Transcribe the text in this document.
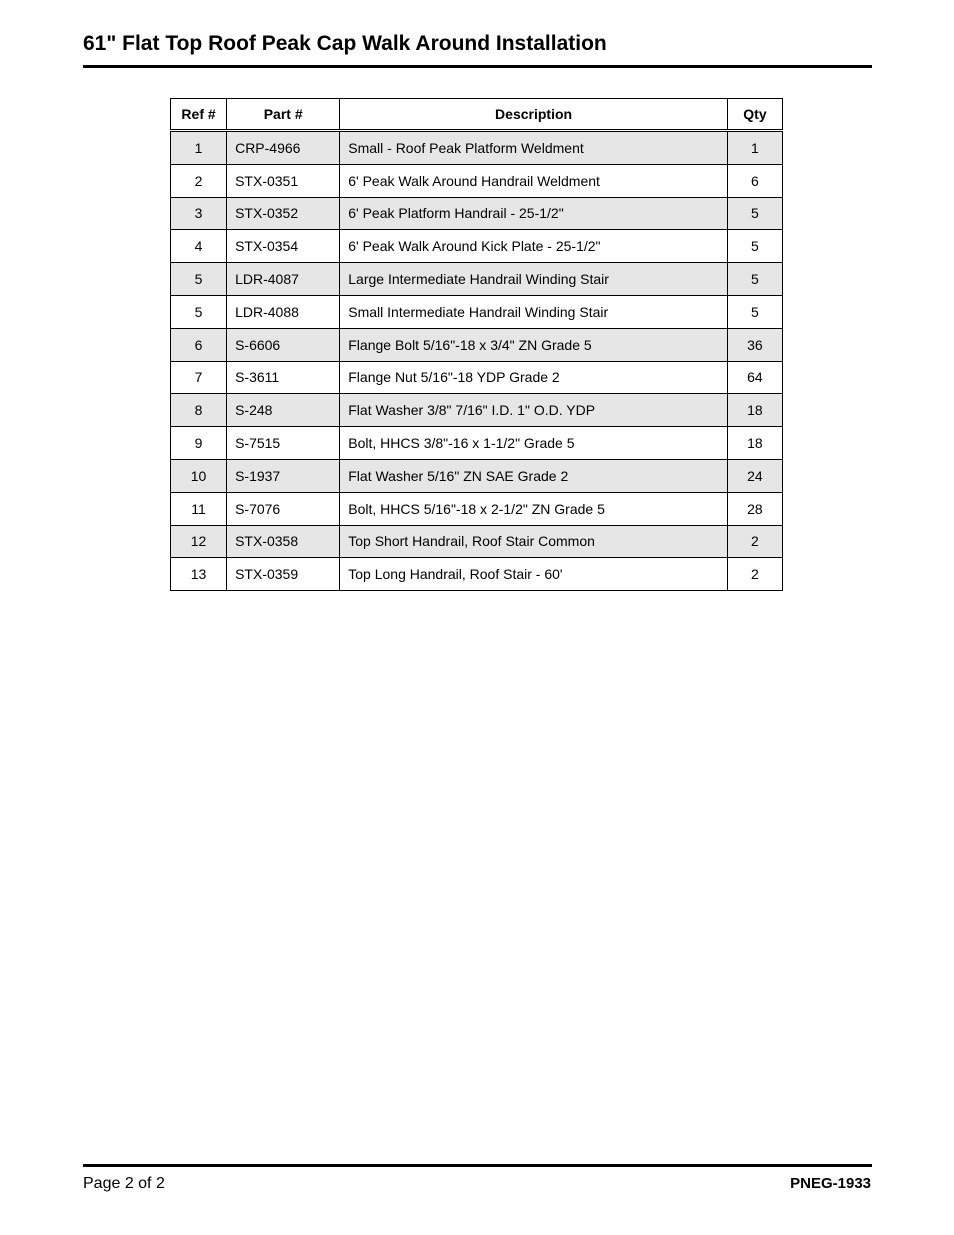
61" Flat Top Roof Peak Cap Walk Around Installation
Ref #	Part #	Description	Qty
1	CRP-4966	Small - Roof Peak Platform Weldment	1
2	STX-0351	6' Peak Walk Around Handrail Weldment	6
3	STX-0352	6' Peak Platform Handrail - 25-1/2"	5
4	STX-0354	6' Peak Walk Around Kick Plate - 25-1/2"	5
5	LDR-4087	Large Intermediate Handrail Winding Stair	5
5	LDR-4088	Small Intermediate Handrail Winding Stair	5
6	S-6606	Flange Bolt 5/16"-18 x 3/4" ZN Grade 5	36
7	S-3611	Flange Nut 5/16"-18 YDP Grade 2	64
8	S-248	Flat Washer 3/8" 7/16" I.D. 1" O.D. YDP	18
9	S-7515	Bolt, HHCS 3/8"-16 x 1-1/2" Grade 5	18
10	S-1937	Flat Washer 5/16" ZN SAE Grade 2	24
11	S-7076	Bolt, HHCS 5/16"-18 x 2-1/2" ZN Grade 5	28
12	STX-0358	Top Short Handrail, Roof Stair Common	2
13	STX-0359	Top Long Handrail, Roof Stair - 60'	2
Page 2 of 2	PNEG-1933
